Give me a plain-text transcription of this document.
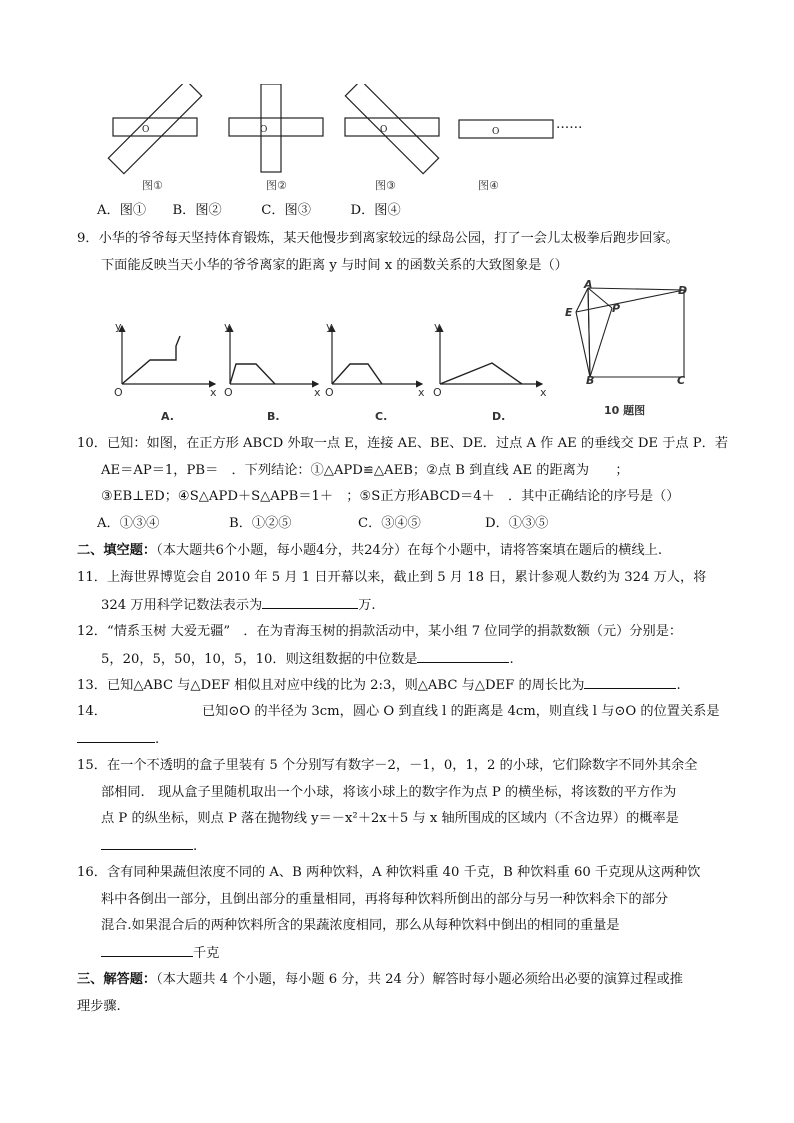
O	O	O	O
图①	图②	图③	图④
……
A．图①　　B．图②　　　C．图③　　　D．图④
9．小华的爷爷每天坚持体育锻炼，某天他慢步到离家较远的绿岛公园，打了一会儿太极拳后跑步回家。
下面能反映当天小华的爷爷离家的距离 y 与时间 x 的函数关系的大致图象是（）
y
O	x
y
O	x
y
O	x
y
O	x
A.	B.	C.	D.
A	D
E	P
B	C
10 题图
10．已知：如图，在正方形 ABCD 外取一点 E，连接 AE、BE、DE．过点 A 作 AE 的垂线交 DE 于点 P．若
AE＝AP＝1，PB＝　．下列结论：①△APD≌△AEB；②点 B 到直线 AE 的距离为　　；
③EB⊥ED；④S△APD＋S△APB＝1＋　；⑤S正方形ABCD＝4＋　．其中正确结论的序号是（）
A．①③④	B．①②⑤	C．③④⑤	D．①③⑤
二、填空题：（本大题共6个小题，每小题4分，共24分）在每个小题中，请将答案填在题后的横线上.
11．上海世界博览会自 2010 年 5 月 1 日开幕以来，截止到 5 月 18 日，累计参观人数约为 324 万人，将
324 万用科学记数法表示为	万.
12．“情系玉树 大爱无疆”　．在为青海玉树的捐款活动中，某小组 7 位同学的捐款数额（元）分别是：
5，20，5，50，10，5，10．则这组数据的中位数是	.
13．已知△ABC 与△DEF 相似且对应中线的比为 2:3，则△ABC 与△DEF 的周长比为	.
14．	已知⊙O 的半径为 3cm，圆心 O 到直线 l 的距离是 4cm，则直线 l 与⊙O 的位置关系是
.
15．在一个不透明的盒子里装有 5 个分别写有数字－2，－1，0，1，2 的小球，它们除数字不同外其余全
部相同.　现从盒子里随机取出一个小球，将该小球上的数字作为点 P 的横坐标，将该数的平方作为
点 P 的纵坐标，则点 P 落在抛物线 y＝－x²＋2x＋5 与 x 轴所围成的区域内（不含边界）的概率是
.
16．含有同种果蔬但浓度不同的 A、B 两种饮料，A 种饮料重 40 千克，B 种饮料重 60 千克现从这两种饮
料中各倒出一部分，且倒出部分的重量相同，再将每种饮料所倒出的部分与另一种饮料余下的部分
混合.如果混合后的两种饮料所含的果蔬浓度相同，那么从每种饮料中倒出的相同的重量是
千克
三、解答题：（本大题共 4 个小题，每小题 6 分，共 24 分）解答时每小题必须给出必要的演算过程或推
理步骤.
